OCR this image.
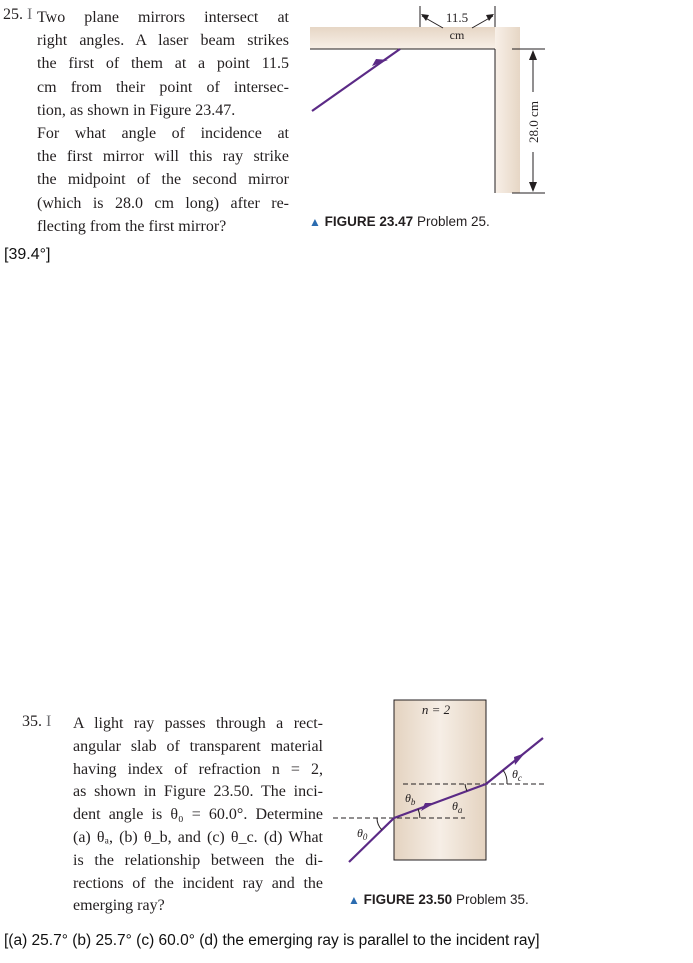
25. I Two plane mirrors intersect at
right angles. A laser beam strikes
the first of them at a point 11.5
cm from their point of intersec-
tion, as shown in Figure 23.47.
For what angle of incidence at
the first mirror will this ray strike
the midpoint of the second mirror
(which is 28.0 cm long) after re-
flecting from the first mirror?
[39.4°]
11.5
cm
28.0 cm
▲ FIGURE 23.47 Problem 25.
35. I A light ray passes through a rect-
angular slab of transparent material
having index of refraction n = 2,
as shown in Figure 23.50. The inci-
dent angle is θ₀ = 60.0°. Determine
(a) θₐ, (b) θ_b, and (c) θ_c. (d) What
is the relationship between the di-
rections of the incident ray and the
emerging ray?
n = 2
$\theta_0$
$\theta_b$	$\theta_a$
$\theta_c$
▲ FIGURE 23.50 Problem 35.
[(a) 25.7° (b) 25.7° (c) 60.0° (d) the emerging ray is parallel to the incident ray]
